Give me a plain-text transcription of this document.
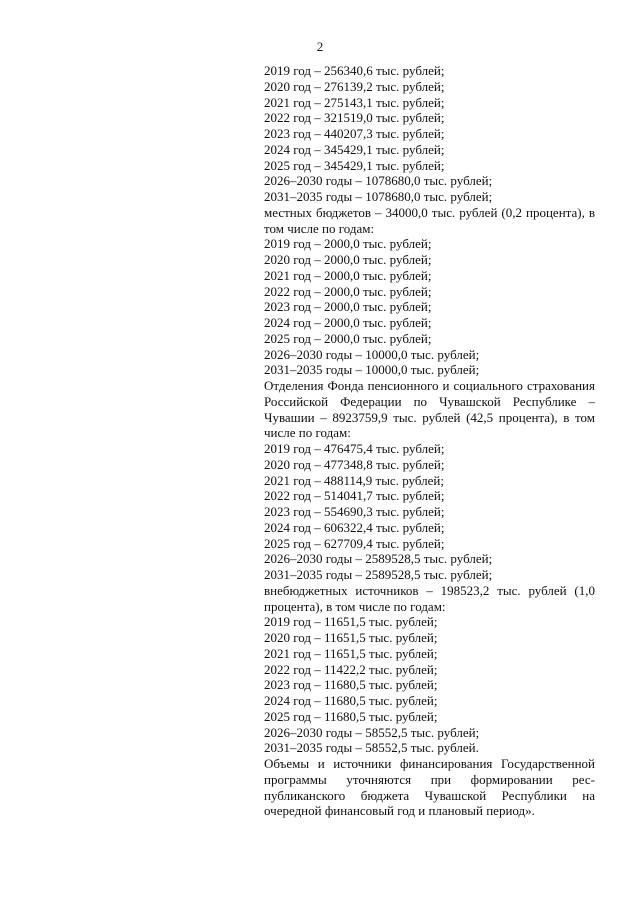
2
2019 год – 256340,6 тыс. рублей;
2020 год – 276139,2 тыс. рублей;
2021 год – 275143,1 тыс. рублей;
2022 год – 321519,0 тыс. рублей;
2023 год – 440207,3 тыс. рублей;
2024 год – 345429,1 тыс. рублей;
2025 год – 345429,1 тыс. рублей;
2026–2030 годы – 1078680,0 тыс. рублей;
2031–2035 годы – 1078680,0 тыс. рублей;
местных бюджетов – 34000,0 тыс. рублей (0,2 процента), в том числе по годам:
2019 год – 2000,0 тыс. рублей;
2020 год – 2000,0 тыс. рублей;
2021 год – 2000,0 тыс. рублей;
2022 год – 2000,0 тыс. рублей;
2023 год – 2000,0 тыс. рублей;
2024 год – 2000,0 тыс. рублей;
2025 год – 2000,0 тыс. рублей;
2026–2030 годы – 10000,0 тыс. рублей;
2031–2035 годы – 10000,0 тыс. рублей;
Отделения Фонда пенсионного и социального страхования Российской Федерации по Чувашской Республике – Чувашии – 8923759,9 тыс. рублей (42,5 процента), в том числе по годам:
2019 год – 476475,4 тыс. рублей;
2020 год – 477348,8 тыс. рублей;
2021 год – 488114,9 тыс. рублей;
2022 год – 514041,7 тыс. рублей;
2023 год – 554690,3 тыс. рублей;
2024 год – 606322,4 тыс. рублей;
2025 год – 627709,4 тыс. рублей;
2026–2030 годы – 2589528,5 тыс. рублей;
2031–2035 годы – 2589528,5 тыс. рублей;
внебюджетных источников – 198523,2 тыс. рублей (1,0 процента), в том числе по годам:
2019 год – 11651,5 тыс. рублей;
2020 год – 11651,5 тыс. рублей;
2021 год – 11651,5 тыс. рублей;
2022 год – 11422,2 тыс. рублей;
2023 год – 11680,5 тыс. рублей;
2024 год – 11680,5 тыс. рублей;
2025 год – 11680,5 тыс. рублей;
2026–2030 годы – 58552,5 тыс. рублей;
2031–2035 годы – 58552,5 тыс. рублей.
Объемы и источники финансирования Государственной программы уточняются при формировании республиканского бюджета Чувашской Республики на очередной финансовый год и плановый период».
